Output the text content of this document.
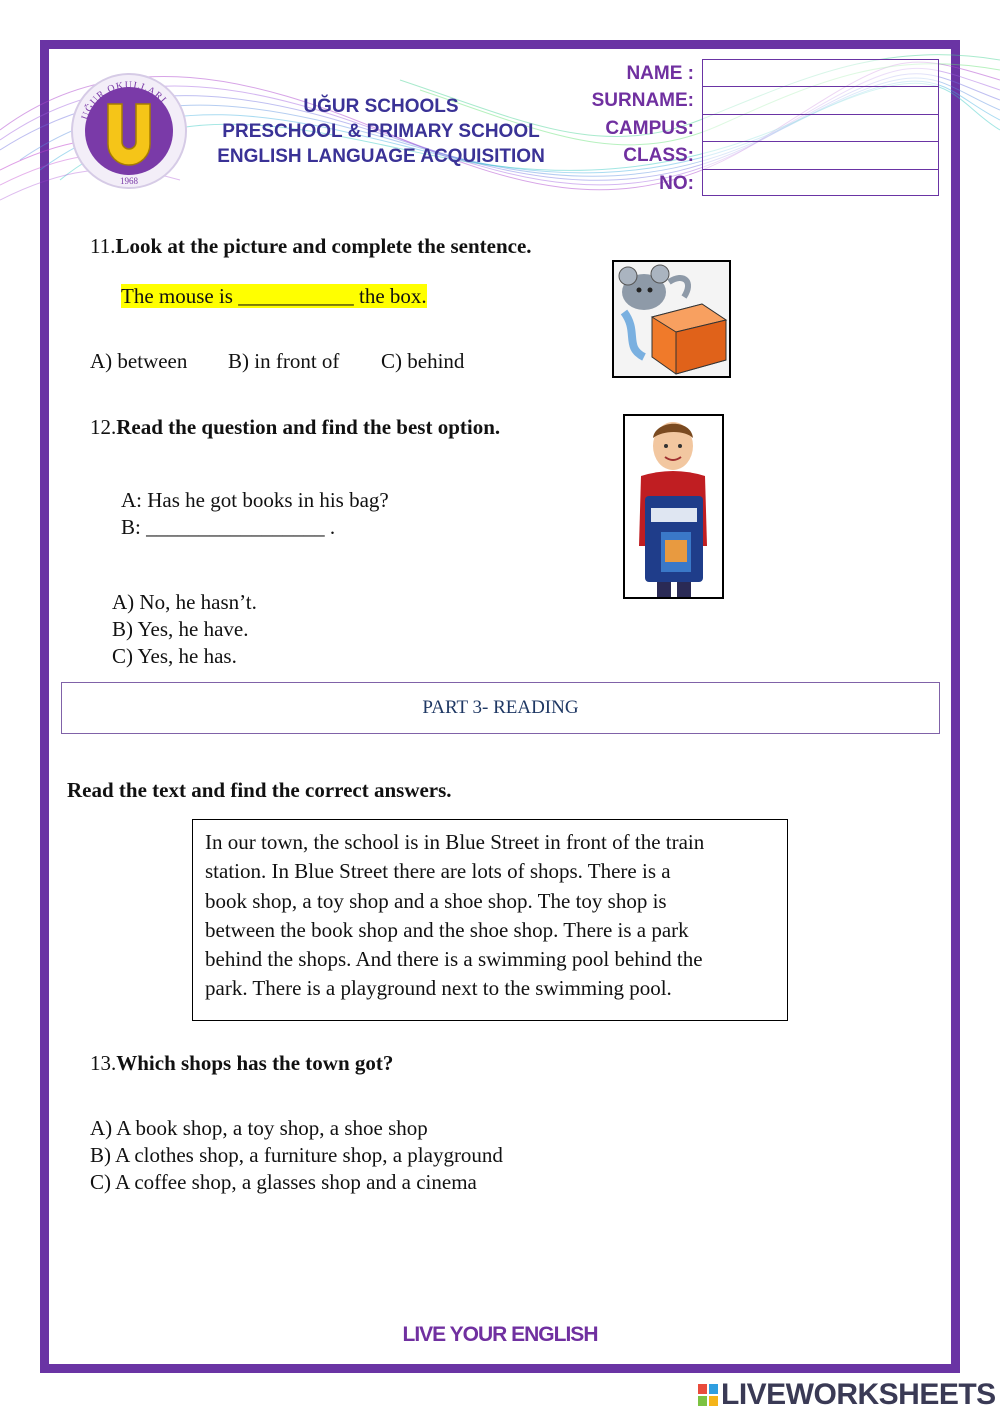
UĞUR OKULLARI
1968
UĞUR SCHOOLS
PRESCHOOL & PRIMARY SCHOOL
ENGLISH LANGUAGE ACQUISITION
NAME :
SURNAME:
CAMPUS:
CLASS:
NO:
11.Look at the picture and complete the sentence.
The mouse is ___________ the box.
A) between B) in front of C) behind
12.Read the question and find the best option.
A: Has he got books in his bag?
B: _________________ .
A) No, he hasn’t.
B) Yes, he have.
C) Yes, he has.
PART 3- READING
Read the text and find the correct answers.
In our town, the school is in Blue Street in front of the train
station. In Blue Street there are lots of shops. There is a
book shop, a toy shop and a shoe shop. The toy shop is
between the book shop and the shoe shop. There is a park
behind the shops. And there is a swimming pool behind the
park. There is a playground next to the swimming pool.
13.Which shops has the town got?
A) A book shop, a toy shop, a shoe shop
B) A clothes shop, a furniture shop, a playground
C) A coffee shop, a glasses shop and a cinema
LIVE YOUR ENGLISH
LIVEWORKSHEETS
